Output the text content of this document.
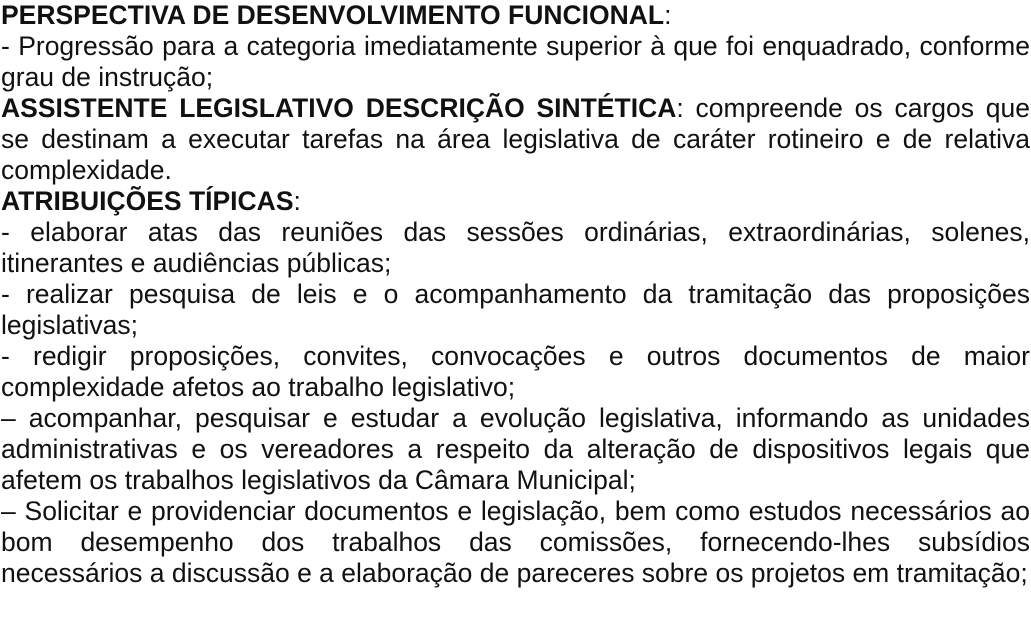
PERSPECTIVA DE DESENVOLVIMENTO FUNCIONAL:

- Progressão para a categoria imediatamente superior à que foi enquadrado, conforme grau de instrução;

ASSISTENTE LEGISLATIVO DESCRIÇÃO SINTÉTICA: compreende os cargos que se destinam a executar tarefas na área legislativa de caráter rotineiro e de relativa complexidade.

ATRIBUIÇÕES TÍPICAS:

- elaborar atas das reuniões das sessões ordinárias, extraordinárias, solenes, itinerantes e audiências públicas;

- realizar pesquisa de leis e o acompanhamento da tramitação das proposições legislativas;

- redigir proposições, convites, convocações e outros documentos de maior complexidade afetos ao trabalho legislativo;

– acompanhar, pesquisar e estudar a evolução legislativa, informando as unidades administrativas e os vereadores a respeito da alteração de dispositivos legais que afetem os trabalhos legislativos da Câmara Municipal;

– Solicitar e providenciar documentos e legislação, bem como estudos necessários ao bom desempenho dos trabalhos das comissões, fornecendo-lhes subsídios necessários a discussão e a elaboração de pareceres sobre os projetos em tramitação;
